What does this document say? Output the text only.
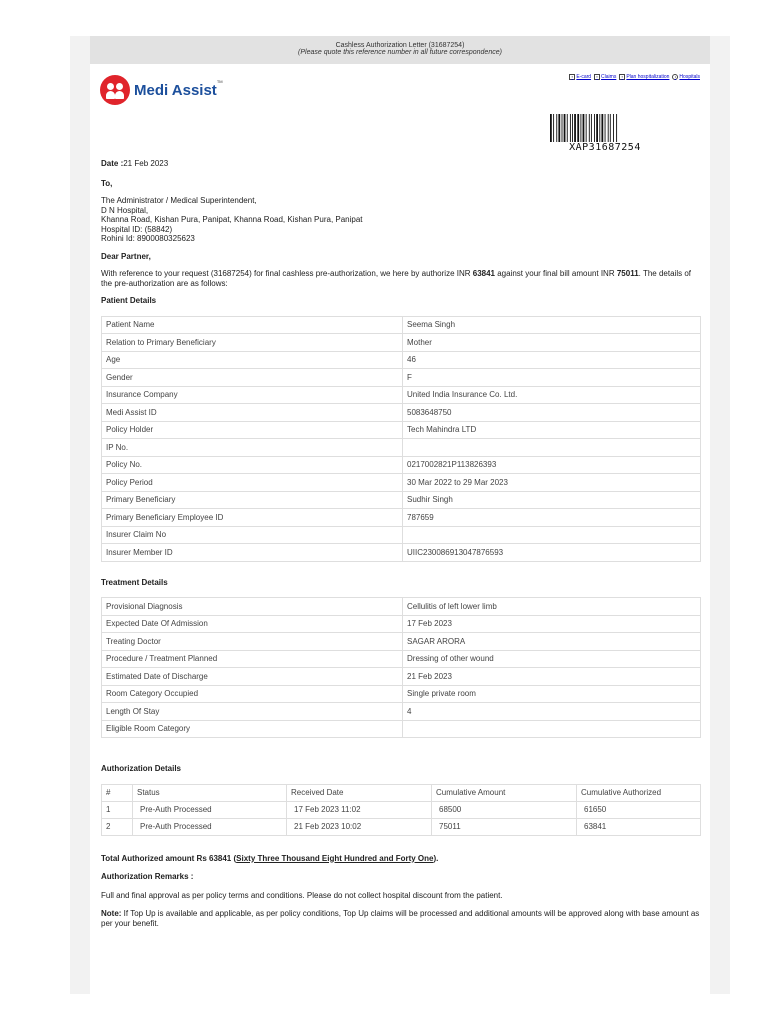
Cashless Authorization Letter (31687254)
(Please quote this reference number in all future correspondence)
Medi Assist
TM
▪ E-card	▪ Claims	▪ Plan hospitalization	• Hospitals
XAP31687254
Date :21 Feb 2023
To,
The Administrator / Medical Superintendent,
D N Hospital,
Khanna Road, Kishan Pura, Panipat, Khanna Road, Kishan Pura, Panipat
Hospital ID: (58842)
Rohini Id: 8900080325623
Dear Partner,
With reference to your request (31687254) for final cashless pre-authorization, we here by authorize INR 63841 against your final bill amount INR 75011. The details of the pre-authorization are as follows:
Patient Details
Patient Name	Seema Singh
Relation to Primary Beneficiary	Mother
Age	46
Gender	F
Insurance Company	United India Insurance Co. Ltd.
Medi Assist ID	5083648750
Policy Holder	Tech Mahindra LTD
IP No.	
Policy No.	0217002821P113826393
Policy Period	30 Mar 2022 to 29 Mar 2023
Primary Beneficiary	Sudhir Singh
Primary Beneficiary Employee ID	787659
Insurer Claim No	
Insurer Member ID	UIIC230086913047876593
Treatment Details
Provisional Diagnosis	Cellulitis of left lower limb
Expected Date Of Admission	17 Feb 2023
Treating Doctor	SAGAR ARORA
Procedure / Treatment Planned	Dressing of other wound
Estimated Date of Discharge	21 Feb 2023
Room Category Occupied	Single private room
Length Of Stay	4
Eligible Room Category	
Authorization Details
#	Status	Received Date	Cumulative Amount	Cumulative Authorized
1	Pre-Auth Processed	17 Feb 2023 11:02	68500	61650
2	Pre-Auth Processed	21 Feb 2023 10:02	75011	63841
Total Authorized amount Rs 63841 (Sixty Three Thousand Eight Hundred and Forty One).
Authorization Remarks :
Full and final approval as per policy terms and conditions. Please do not collect hospital discount from the patient.
Note: If Top Up is available and applicable, as per policy conditions, Top Up claims will be processed and additional amounts will be approved along with base amount as per your benefit.
